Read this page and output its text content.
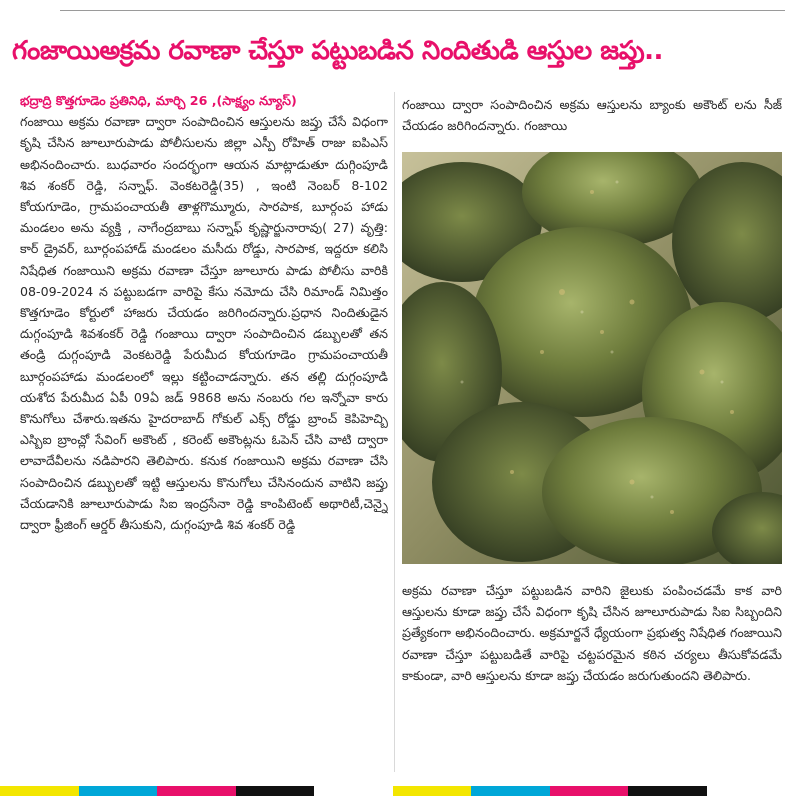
గంజాయిఅక్రమ రవాణా చేస్తూ పట్టుబడిన నిందితుడి ఆస్తుల జప్తు..
భద్రాద్రి కొత్తగూడెం ప్రతినిధి, మార్చి 26 ,(సాక్ష్యం న్యూస్)
గంజాయి అక్రమ రవాణా ద్వారా సంపాదించిన ఆస్తులను జప్తు చేసే విధంగా కృషి చేసిన జూలూరుపాడు పోలీసులను జిల్లా ఎస్పీ రోహిత్ రాజు ఐపిఎస్ అభినందించారు. బుధవారం సందర్భంగా ఆయన మాట్లాడుతూ దుగ్గింపూడి శివ శంకర్ రెడ్డి, సన్నాఫ్. వెంకటరెడ్డి(35) , ఇంటి నెంబర్ 8-102 కోయగూడెం, గ్రామపంచాయతీ తాళ్లగొమ్మూరు, సారపాక, బూర్గంప హాడు మండలం అను వ్యక్తి , నాగేంద్రబాబు సన్నాఫ్ కృష్ణార్జునారావు( 27) వృత్తి: కార్ డ్రైవర్, బూర్గంపహాడ్ మండలం మసీదు రోడ్డు, సారపాక, ఇద్దరూ కలిసి నిషేధిత గంజాయిని అక్రమ రవాణా చేస్తూ జూలూరు పాడు పోలీసు వారికి 08-09-2024 న పట్టుబడగా వారిపై కేసు నమోదు చేసి రిమాండ్ నిమిత్తం కొత్తగూడెం కోర్టులో హాజరు చేయడం జరిగిందన్నారు.ప్రధాన నిందితుడైన దుగ్గంపూడి శివశంకర్ రెడ్డి గంజాయి ద్వారా సంపాదించిన డబ్బులతో తన తండ్రి దుగ్గంపూడి వెంకటరెడ్డి పేరుమీద కోయగూడెం గ్రామపంచాయతీ బూర్గంపహాడు మండలంలో ఇల్లు కట్టించాడన్నారు. తన తల్లి దుగ్గంపూడి యశోద పేరుమీద ఏపీ 09ఏ జడ్ 9868 అను నంబరు గల ఇన్నోవా కారు కొనుగోలు చేశారు.ఇతను హైదరాబాద్ గోకుల్ ఎక్స్ రోడ్డు బ్రాంచ్ కెపిహెచ్బి ఎస్బిఐ బ్రాంచ్లో సేవింగ్ అకౌంట్ , కరెంట్ అకౌంట్లను ఓపెన్ చేసి వాటి ద్వారా లావాదేవీలను నడిపారని తెలిపారు. కనుక గంజాయిని అక్రమ రవాణా చేసి సంపాదించిన డబ్బులతో ఇట్టి ఆస్తులను కొనుగోలు చేసినందున వాటిని జప్తు చేయడానికి జూలూరుపాడు సిఐ ఇంద్రసేనా రెడ్డి కాంపిటెంట్ అథారిటీ,చెన్నై ద్వారా ఫ్రీజింగ్ ఆర్డర్ తీసుకుని, దుగ్గంపూడి శివ శంకర్ రెడ్డి
గంజాయి ద్వారా సంపాదించిన అక్రమ ఆస్తులను బ్యాంకు అకౌంట్ లను సీజ్ చేయడం జరిగిందన్నారు. గంజాయి
అక్రమ రవాణా చేస్తూ పట్టుబడిన వారిని జైలుకు పంపించడమే కాక వారి ఆస్తులను కూడా జప్తు చేసే విధంగా కృషి చేసిన జూలూరుపాడు సిఐ సిబ్బందిని ప్రత్యేకంగా అభినందించారు. అక్రమార్జనే ధ్యేయంగా ప్రభుత్వ నిషేధిత గంజాయిని రవాణా చేస్తూ పట్టుబడితే వారిపై చట్టపరమైన కఠిన చర్యలు తీసుకోవడమే కాకుండా, వారి ఆస్తులను కూడా జప్తు చేయడం జరుగుతుందని తెలిపారు.
